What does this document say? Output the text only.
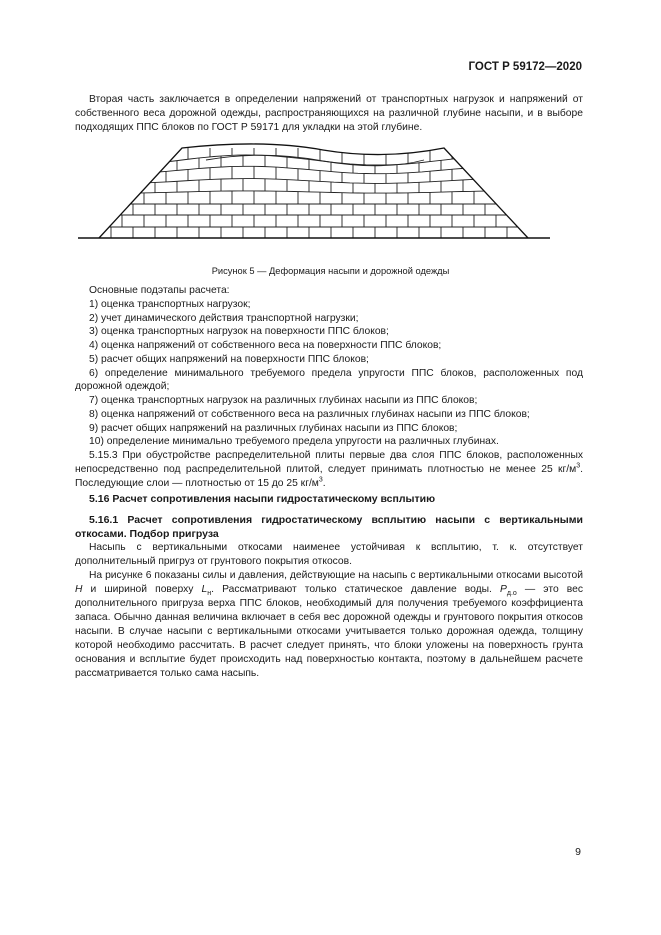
ГОСТ Р 59172—2020

Вторая часть заключается в определении напряжений от транспортных нагрузок и напряжений от собственного веса дорожной одежды, распространяющихся на различной глубине насыпи, и в выборе подходящих ППС блоков по ГОСТ Р 59171 для укладки на этой глубине.

Рисунок 5 — Деформация насыпи и дорожной одежды
Основные подэтапы расчета:
1) оценка транспортных нагрузок;
2) учет динамического действия транспортной нагрузки;
3) оценка транспортных нагрузок на поверхности ППС блоков;
4) оценка напряжений от собственного веса на поверхности ППС блоков;
5) расчет общих напряжений на поверхности ППС блоков;
6) определение минимального требуемого предела упругости ППС блоков, расположенных под дорожной одеждой;
7) оценка транспортных нагрузок на различных глубинах насыпи из ППС блоков;
8) оценка напряжений от собственного веса на различных глубинах насыпи из ППС блоков;
9) расчет общих напряжений на различных глубинах насыпи из ППС блоков;
10) определение минимально требуемого предела упругости на различных глубинах.
5.15.3 При обустройстве распределительной плиты первые два слоя ППС блоков, расположенных непосредственно под распределительной плитой, следует принимать плотностью не менее 25 $кг/м^3$. Последующие слои — плотностью от 15 до 25 $кг/м^3$.
5.16 Расчет сопротивления насыпи гидростатическому всплытию

5.16.1 Расчет сопротивления гидростатическому всплытию насыпи с вертикальными откосами. Подбор пригруза

Насыпь с вертикальными откосами наименее устойчивая к всплытию, т. к. отсутствует дополнительный пригруз от грунтового покрытия откосов.

На рисунке 6 показаны силы и давления, действующие на насыпь с вертикальными откосами высотой H и шириной поверху $L_н$. Рассматривают только статическое давление воды. $P_{д.о}$ — это вес дополнительного пригруза верха ППС блоков, необходимый для получения требуемого коэффициента запаса. Обычно данная величина включает в себя вес дорожной одежды и грунтового покрытия откосов насыпи. В случае насыпи с вертикальными откосами учитывается только дорожная одежда, толщину которой необходимо рассчитать. В расчет следует принять, что блоки уложены на поверхность грунта основания и всплытие будет происходить над поверхностью контакта, поэтому в дальнейшем расчете рассматривается только сама насыпь.

9
